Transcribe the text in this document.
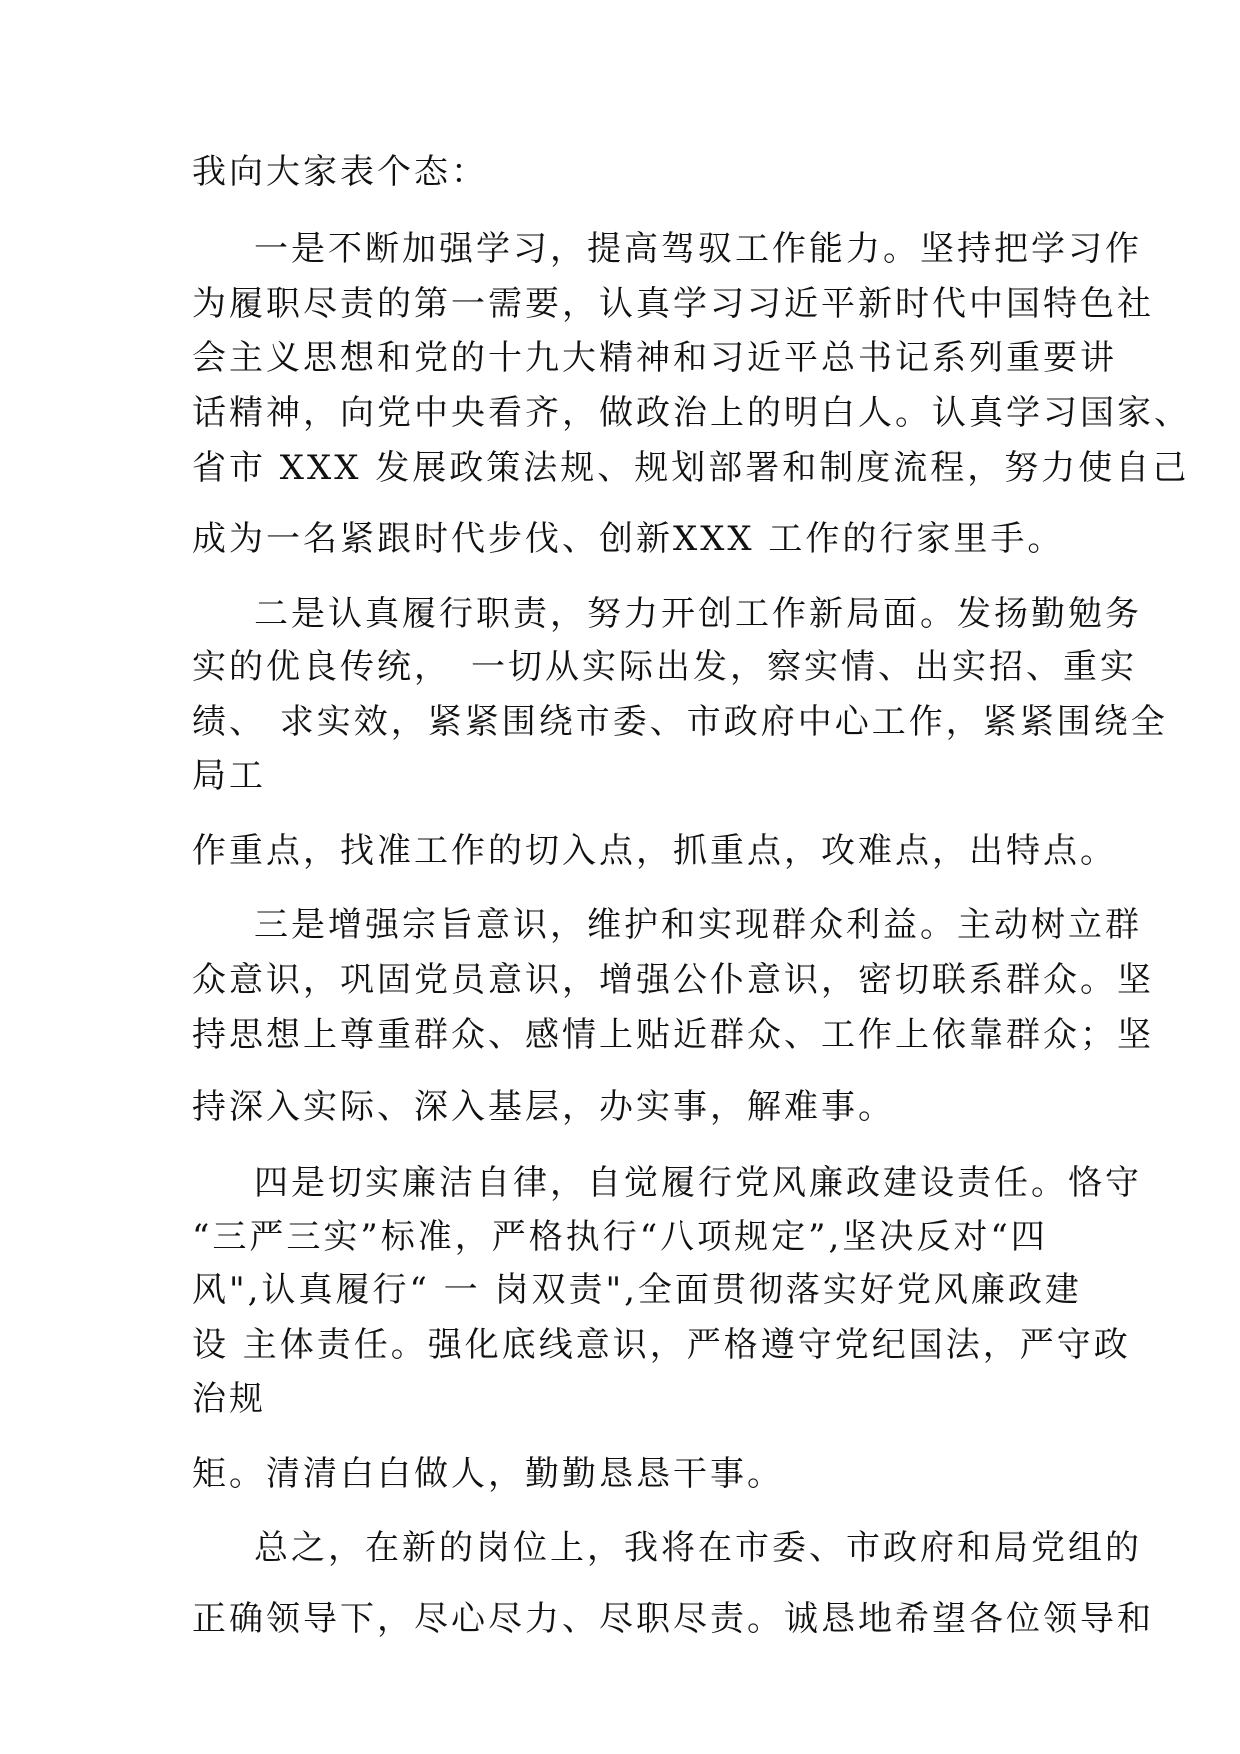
我向大家表个态：
一是不断加强学习，提高驾驭工作能力。坚持把学习作
为履职尽责的第一需要，认真学习习近平新时代中国特色社
会主义思想和党的十九大精神和习近平总书记系列重要讲
话精神，向党中央看齐，做政治上的明白人。认真学习国家、
省市 XXX 发展政策法规、规划部署和制度流程，努力使自己
成为一名紧跟时代步伐、创新XXX 工作的行家里手。
二是认真履行职责，努力开创工作新局面。发扬勤勉务
实的优良传统，　一切从实际出发，察实情、出实招、重实
绩、 求实效，紧紧围绕市委、市政府中心工作，紧紧围绕全
局工
作重点，找准工作的切入点，抓重点，攻难点，出特点。
三是增强宗旨意识，维护和实现群众利益。主动树立群
众意识，巩固党员意识，增强公仆意识，密切联系群众。坚
持思想上尊重群众、感情上贴近群众、工作上依靠群众；坚
持深入实际、深入基层，办实事，解难事。
四是切实廉洁自律，自觉履行党风廉政建设责任。恪守
“三严三实”标准，严格执行“八项规定”,坚决反对“四
风",认真履行“ 一 岗双责",全面贯彻落实好党风廉政建
设 主体责任。强化底线意识，严格遵守党纪国法，严守政
治规
矩。清清白白做人，勤勤恳恳干事。
总之，在新的岗位上，我将在市委、市政府和局党组的
正确领导下，尽心尽力、尽职尽责。诚恳地希望各位领导和
